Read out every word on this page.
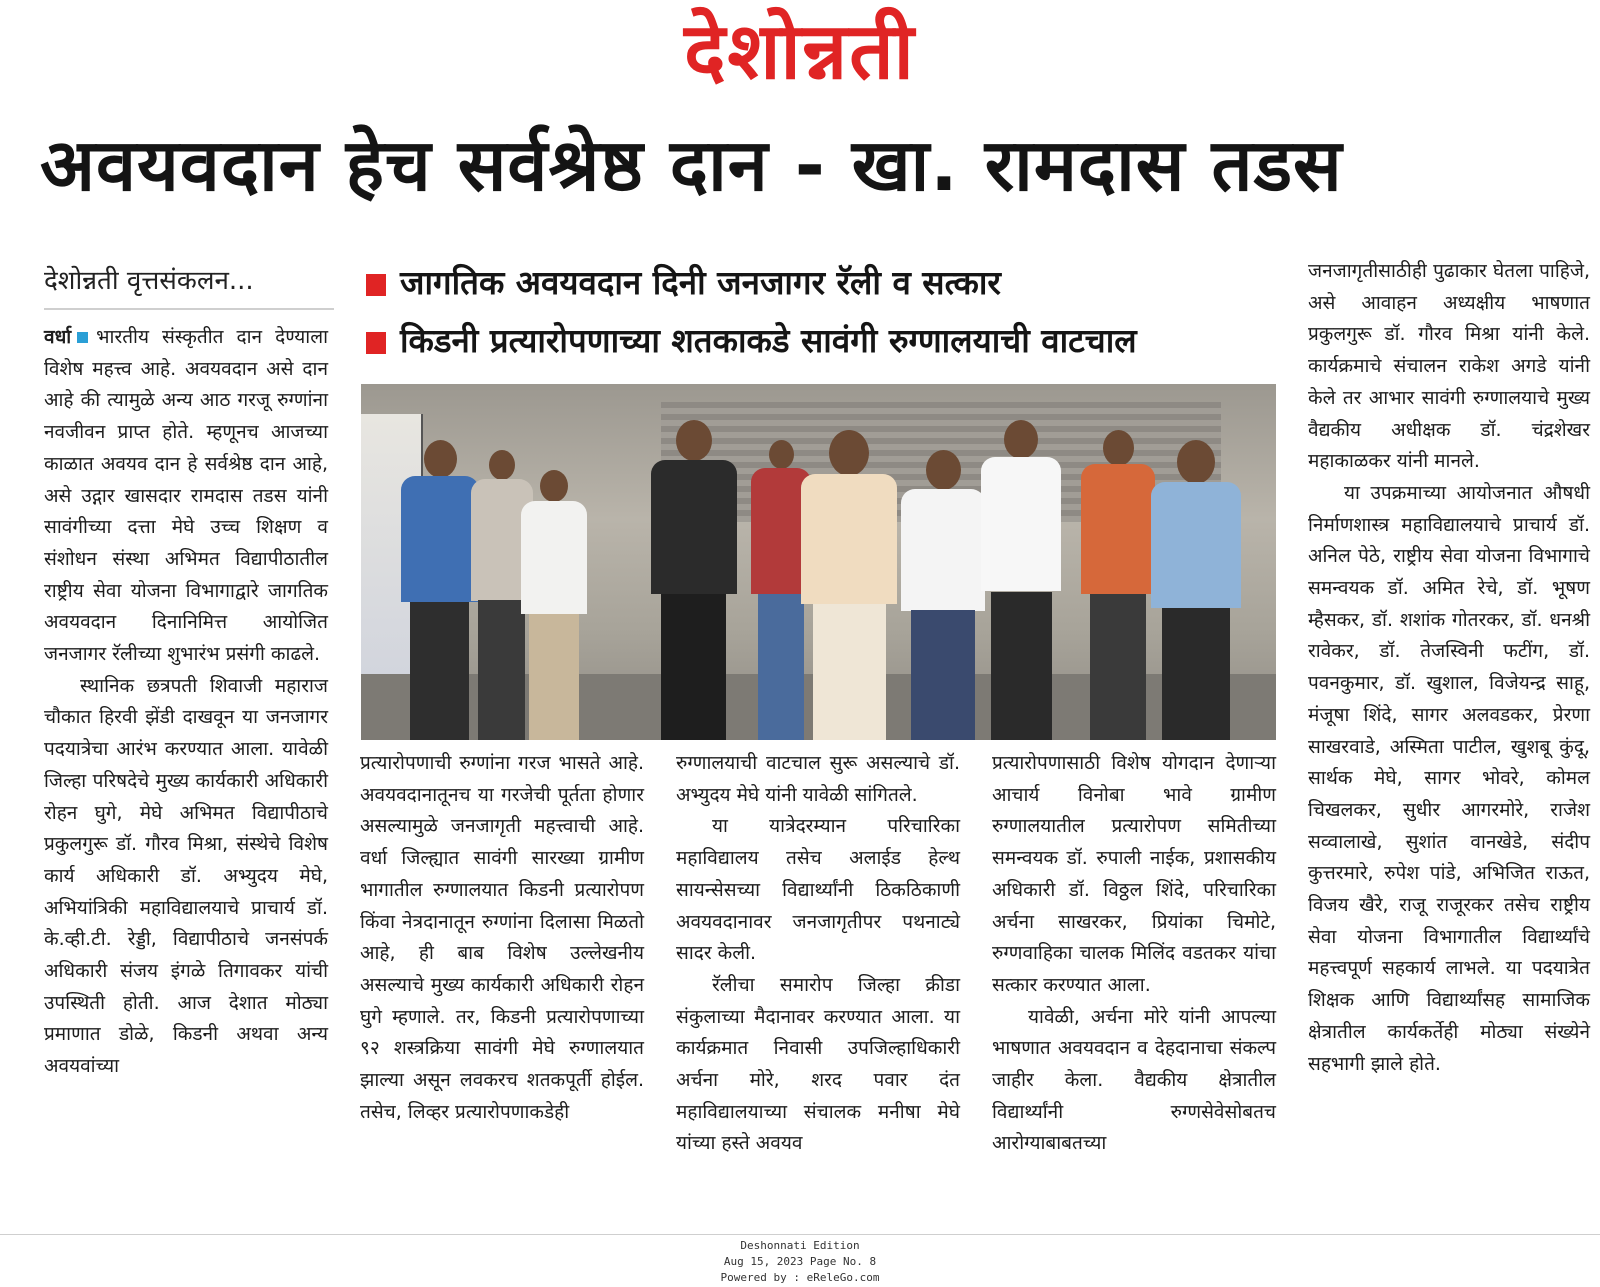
देशोन्नती
अवयवदान हेच सर्वश्रेष्ठ दान - खा. रामदास तडस
देशोन्नती वृत्तसंकलन...	जागतिक अवयवदान दिनी जनजागर रॅली व सत्कार
किडनी प्रत्यारोपणाच्या शतकाकडे सावंगी रुग्णालयाची वाटचाल

वर्धा भारतीय संस्कृतीत दान देण्याला विशेष महत्त्व आहे. अवयवदान असे दान आहे की त्यामुळे अन्य आठ गरजू रुग्णांना नवजीवन प्राप्त होते. म्हणूनच आजच्या काळात अवयव दान हे सर्वश्रेष्ठ दान आहे, असे उद्गार खासदार रामदास तडस यांनी सावंगीच्या दत्ता मेघे उच्च शिक्षण व संशोधन संस्था अभिमत विद्यापीठातील राष्ट्रीय सेवा योजना विभागाद्वारे जागतिक अवयवदान दिनानिमित्त आयोजित जनजागर रॅलीच्या शुभारंभ प्रसंगी काढले.

स्थानिक छत्रपती शिवाजी महाराज चौकात हिरवी झेंडी दाखवून या जनजागर पदयात्रेचा आरंभ करण्यात आला. यावेळी जिल्हा परिषदेचे मुख्य कार्यकारी अधिकारी रोहन घुगे, मेघे अभिमत विद्यापीठाचे प्रकुलगुरू डॉ. गौरव मिश्रा, संस्थेचे विशेष कार्य अधिकारी डॉ. अभ्युदय मेघे, अभियांत्रिकी महाविद्यालयाचे प्राचार्य डॉ. के.व्ही.टी. रेड्डी, विद्यापीठाचे जनसंपर्क अधिकारी संजय इंगळे तिगावकर यांची उपस्थिती होती. आज देशात मोठ्या प्रमाणात डोळे, किडनी अथवा अन्य अवयवांच्या

प्रत्यारोपणाची रुग्णांना गरज भासते आहे. अवयवदानातूनच या गरजेची पूर्तता होणार असल्यामुळे जनजागृती महत्त्वाची आहे. वर्धा जिल्ह्यात सावंगी सारख्या ग्रामीण भागातील रुग्णालयात किडनी प्रत्यारोपण किंवा नेत्रदानातून रुग्णांना दिलासा मिळतो आहे, ही बाब विशेष उल्लेखनीय असल्याचे मुख्य कार्यकारी अधिकारी रोहन घुगे म्हणाले. तर, किडनी प्रत्यारोपणाच्या ९२ शस्त्रक्रिया सावंगी मेघे रुग्णालयात झाल्या असून लवकरच शतकपूर्ती होईल. तसेच, लिव्हर प्रत्यारोपणाकडेही

रुग्णालयाची वाटचाल सुरू असल्याचे डॉ. अभ्युदय मेघे यांनी यावेळी सांगितले.

या यात्रेदरम्यान परिचारिका महाविद्यालय तसेच अलाईड हेल्थ सायन्सेसच्या विद्यार्थ्यांनी ठिकठिकाणी अवयवदानावर जनजागृतीपर पथनाट्ये सादर केली.

रॅलीचा समारोप जिल्हा क्रीडा संकुलाच्या मैदानावर करण्यात आला. या कार्यक्रमात निवासी उपजिल्हाधिकारी अर्चना मोरे, शरद पवार दंत महाविद्यालयाच्या संचालक मनीषा मेघे यांच्या हस्ते अवयव

प्रत्यारोपणासाठी विशेष योगदान देणाऱ्या आचार्य विनोबा भावे ग्रामीण रुग्णालयातील प्रत्यारोपण समितीच्या समन्वयक डॉ. रुपाली नाईक, प्रशासकीय अधिकारी डॉ. विठ्ठल शिंदे, परिचारिका अर्चना साखरकर, प्रियांका चिमोटे, रुग्णवाहिका चालक मिलिंद वडतकर यांचा सत्कार करण्यात आला.

यावेळी, अर्चना मोरे यांनी आपल्या भाषणात अवयवदान व देहदानाचा संकल्प जाहीर केला. वैद्यकीय क्षेत्रातील विद्यार्थ्यांनी रुग्णसेवेसोबतच आरोग्याबाबतच्या

जनजागृतीसाठीही पुढाकार घेतला पाहिजे, असे आवाहन अध्यक्षीय भाषणात प्रकुलगुरू डॉ. गौरव मिश्रा यांनी केले. कार्यक्रमाचे संचालन राकेश अगडे यांनी केले तर आभार सावंगी रुग्णालयाचे मुख्य वैद्यकीय अधीक्षक डॉ. चंद्रशेखर महाकाळकर यांनी मानले.

या उपक्रमाच्या आयोजनात औषधी निर्माणशास्त्र महाविद्यालयाचे प्राचार्य डॉ. अनिल पेठे, राष्ट्रीय सेवा योजना विभागाचे समन्वयक डॉ. अमित रेचे, डॉ. भूषण म्हैसकर, डॉ. शशांक गोतरकर, डॉ. धनश्री रावेकर, डॉ. तेजस्विनी फटींग, डॉ. पवनकुमार, डॉ. खुशाल, विजेयन्द्र साहू, मंजूषा शिंदे, सागर अलवडकर, प्रेरणा साखरवाडे, अस्मिता पाटील, खुशबू कुंदू, सार्थक मेघे, सागर भोवरे, कोमल चिखलकर, सुधीर आगरमोरे, राजेश सव्वालाखे, सुशांत वानखेडे, संदीप कुत्तरमारे, रुपेश पांडे, अभिजित राऊत, विजय खैरे, राजू राजूरकर तसेच राष्ट्रीय सेवा योजना विभागातील विद्यार्थ्यांचे महत्त्वपूर्ण सहकार्य लाभले. या पदयात्रेत शिक्षक आणि विद्यार्थ्यांसह सामाजिक क्षेत्रातील कार्यकर्तेही मोठ्या संख्येने सहभागी झाले होते.

Deshonnati Edition
Aug 15, 2023 Page No. 8
Powered by : eReleGo.com
